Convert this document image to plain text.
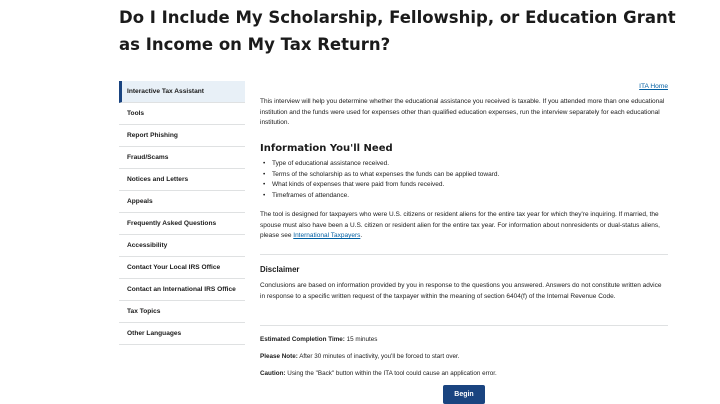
Do I Include My Scholarship, Fellowship, or Education Grant as Income on My Tax Return?
Interactive Tax Assistant
Tools
Report Phishing
Fraud/Scams
Notices and Letters
Appeals
Frequently Asked Questions
Accessibility
Contact Your Local IRS Office
Contact an International IRS Office
Tax Topics
Other Languages
ITA Home

This interview will help you determine whether the educational assistance you received is taxable. If you attended more than one educational institution and the funds were used for expenses other than qualified education expenses, run the interview separately for each educational institution.

Information You'll Need
• Type of educational assistance received.
• Terms of the scholarship as to what expenses the funds can be applied toward.
• What kinds of expenses that were paid from funds received.
• Timeframes of attendance.

The tool is designed for taxpayers who were U.S. citizens or resident aliens for the entire tax year for which they're inquiring. If married, the spouse must also have been a U.S. citizen or resident alien for the entire tax year. For information about nonresidents or dual-status aliens, please see International Taxpayers.

Disclaimer

Conclusions are based on information provided by you in response to the questions you answered. Answers do not constitute written advice in response to a specific written request of the taxpayer within the meaning of section 6404(f) of the Internal Revenue Code.

Estimated Completion Time: 15 minutes

Please Note: After 30 minutes of inactivity, you'll be forced to start over.

Caution: Using the "Back" button within the ITA tool could cause an application error.

Begin
